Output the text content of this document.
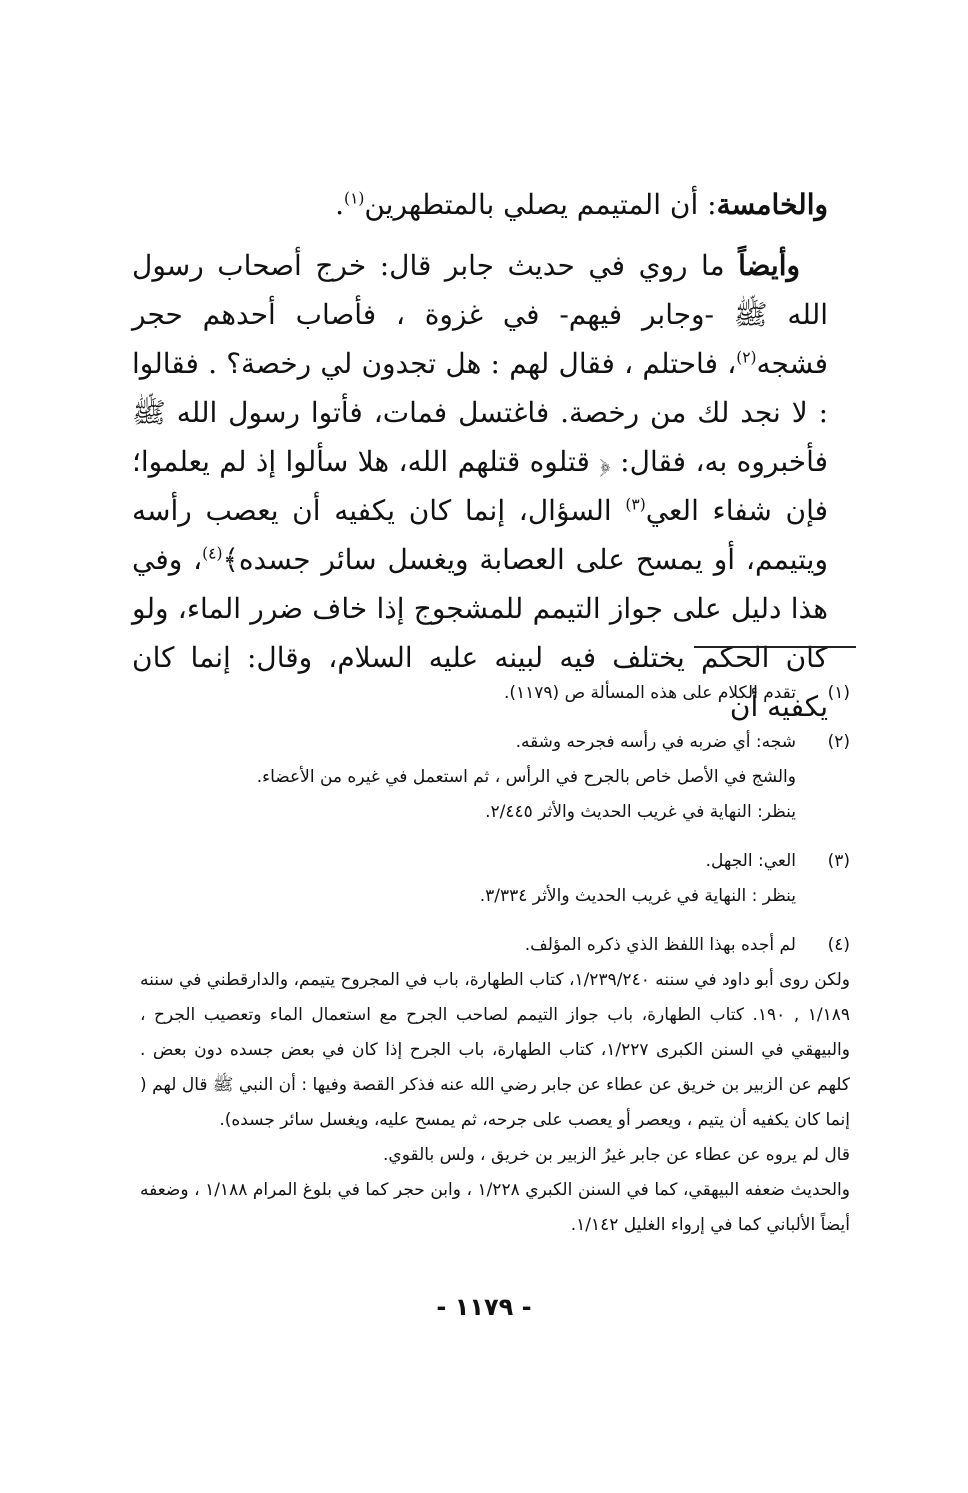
والخامسة: أن المتيمم يصلي بالمتطهرين$^{(١)}$.

وأيضاً ما روي في حديث جابر قال: خرج أصحاب رسول الله ﷺ -وجابر فيهم- في غزوة ، فأصاب أحدهم حجر فشجه$^{(٢)}$، فاحتلم ، فقال لهم : هل تجدون لي رخصة؟ . فقالوا : لا نجد لك من رخصة. فاغتسل فمات، فأتوا رسول الله ﷺ فأخبروه به، فقال: ﴿ قتلوه قتلهم الله، هلا سألوا إذ لم يعلموا؛ فإن شفاء العي$^{(٣)}$ السؤال، إنما كان يكفيه أن يعصب رأسه ويتيمم، أو يمسح على العصابة ويغسل سائر جسده﴾$^{(٤)}$، وفي هذا دليل على جواز التيمم للمشجوج إذا خاف ضرر الماء، ولو كان الحكم يختلف فيه لبينه عليه السلام، وقال: إنما كان يكفيه أن (١)
تقدم الكلام على هذه المسألة ص (١١٧٩).
(٢)
شجه: أي ضربه في رأسه فجرحه وشقه.
والشج في الأصل خاص بالجرح في الرأس ، ثم استعمل في غيره من الأعضاء.
ينظر: النهاية في غريب الحديث والأثر ٢/٤٤٥.
(٣)
العي: الجهل.
ينظر : النهاية في غريب الحديث والأثر ٣/٣٣٤.
(٤)
لم أجده بهذا اللفظ الذي ذكره المؤلف.
ولكن روى أبو داود في سننه ١/٢٣٩/٢٤٠، كتاب الطهارة، باب في المجروح يتيمم، والدارقطني في سننه ١/١٨٩ , ١٩٠. كتاب الطهارة، باب جواز التيمم لصاحب الجرح مع استعمال الماء وتعصيب الجرح ، والبيهقي في السنن الكبرى ١/٢٢٧، كتاب الطهارة، باب الجرح إذا كان في بعض جسده دون بعض . كلهم عن الزبير بن خريق عن عطاء عن جابر رضي الله عنه فذكر القصة وفيها : أن النبي ﷺ قال لهم ( إنما كان يكفيه أن يتيم ، ويعصر أو يعصب على جرحه، ثم يمسح عليه، ويغسل سائر جسده).
قال لم يروه عن عطاء عن جابر غيرُ الزبير بن خريق ، ولس بالقوي.
والحديث ضعفه البيهقي، كما في السنن الكبري ١/٢٢٨ ، وابن حجر كما في بلوغ المرام ١/١٨٨ ، وضعفه أيضاً الألباني كما في إرواء الغليل ١/١٤٢.
- ١١٧٩ -
